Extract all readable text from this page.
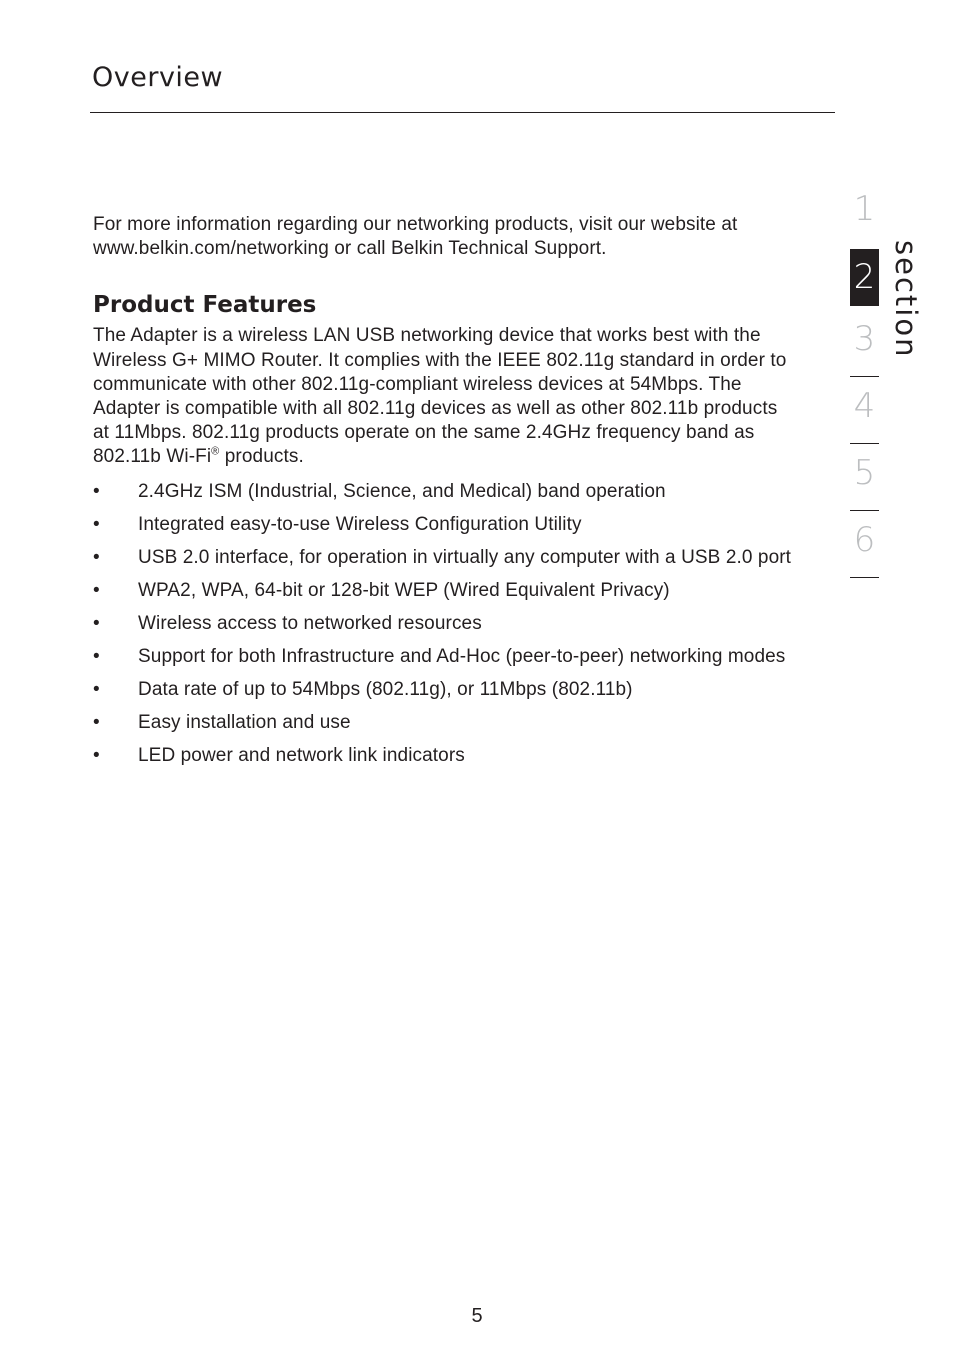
Overview

For more information regarding our networking products, visit our website at www.belkin.com/networking or call Belkin Technical Support.

Product Features

The Adapter is a wireless LAN USB networking device that works best with the Wireless G+ MIMO Router. It complies with the IEEE 802.11g standard in order to communicate with other 802.11g-compliant wireless devices at 54Mbps. The Adapter is compatible with all 802.11g devices as well as other 802.11b products at 11Mbps. 802.11g products operate on the same 2.4GHz frequency band as 802.11b Wi-Fi® products.

•	2.4GHz ISM (Industrial, Science, and Medical) band operation
•	Integrated easy-to-use Wireless Configuration Utility
•	USB 2.0 interface, for operation in virtually any computer with a USB 2.0 port
•	WPA2, WPA, 64-bit or 128-bit WEP (Wired Equivalent Privacy)
•	Wireless access to networked resources
•	Support for both Infrastructure and Ad-Hoc (peer-to-peer) networking modes
•	Data rate of up to 54Mbps (802.11g), or 11Mbps (802.11b)
•	Easy installation and use
•	LED power and network link indicators
1
2
3
4
5
6
section
5
